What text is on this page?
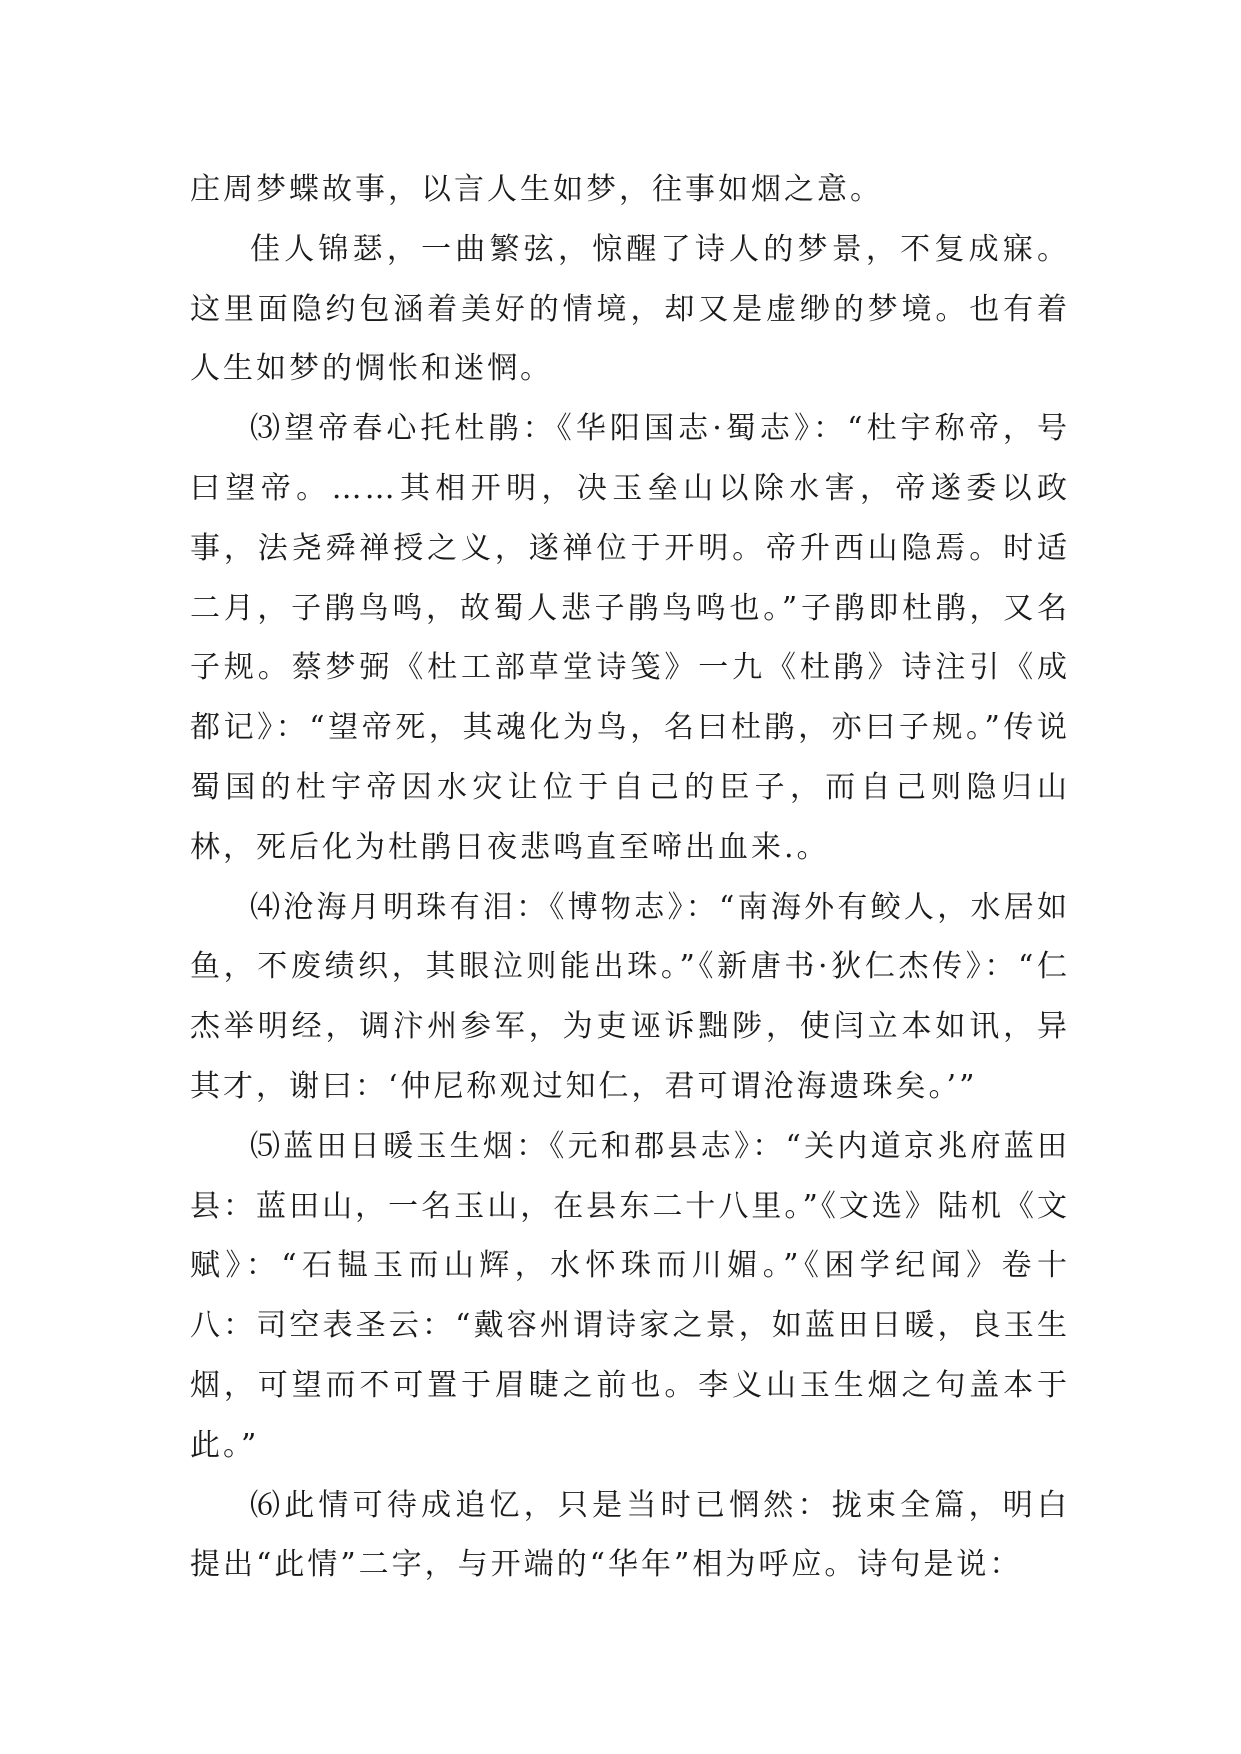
庄周梦蝶故事，以言人生如梦，往事如烟之意。

佳人锦瑟，一曲繁弦，惊醒了诗人的梦景，不复成寐。这里面隐约包涵着美好的情境，却又是虚缈的梦境。也有着人生如梦的惆怅和迷惘。

⑶望帝春心托杜鹃：《华阳国志·蜀志》：“杜宇称帝，号曰望帝。……其相开明，决玉垒山以除水害，帝遂委以政事，法尧舜禅授之义，遂禅位于开明。帝升西山隐焉。时适二月，子鹃鸟鸣，故蜀人悲子鹃鸟鸣也。”子鹃即杜鹃，又名子规。蔡梦弼《杜工部草堂诗笺》一九《杜鹃》诗注引《成都记》：“望帝死，其魂化为鸟，名曰杜鹃，亦曰子规。”传说蜀国的杜宇帝因水灾让位于自己的臣子，而自己则隐归山林，死后化为杜鹃日夜悲鸣直至啼出血来.。

⑷沧海月明珠有泪：《博物志》：“南海外有鲛人，水居如鱼，不废绩织，其眼泣则能出珠。”《新唐书·狄仁杰传》：“仁杰举明经，调汴州参军，为吏诬诉黜陟，使闫立本如讯，异其才，谢曰：‘仲尼称观过知仁，君可谓沧海遗珠矣。’”

⑸蓝田日暖玉生烟：《元和郡县志》：“关内道京兆府蓝田县：蓝田山，一名玉山，在县东二十八里。”《文选》陆机《文赋》：“石韫玉而山辉，水怀珠而川媚。”《困学纪闻》卷十八：司空表圣云：“戴容州谓诗家之景，如蓝田日暖，良玉生烟，可望而不可置于眉睫之前也。李义山玉生烟之句盖本于此。”

⑹此情可待成追忆，只是当时已惘然：拢束全篇，明白提出“此情”二字，与开端的“华年”相为呼应。诗句是说：
